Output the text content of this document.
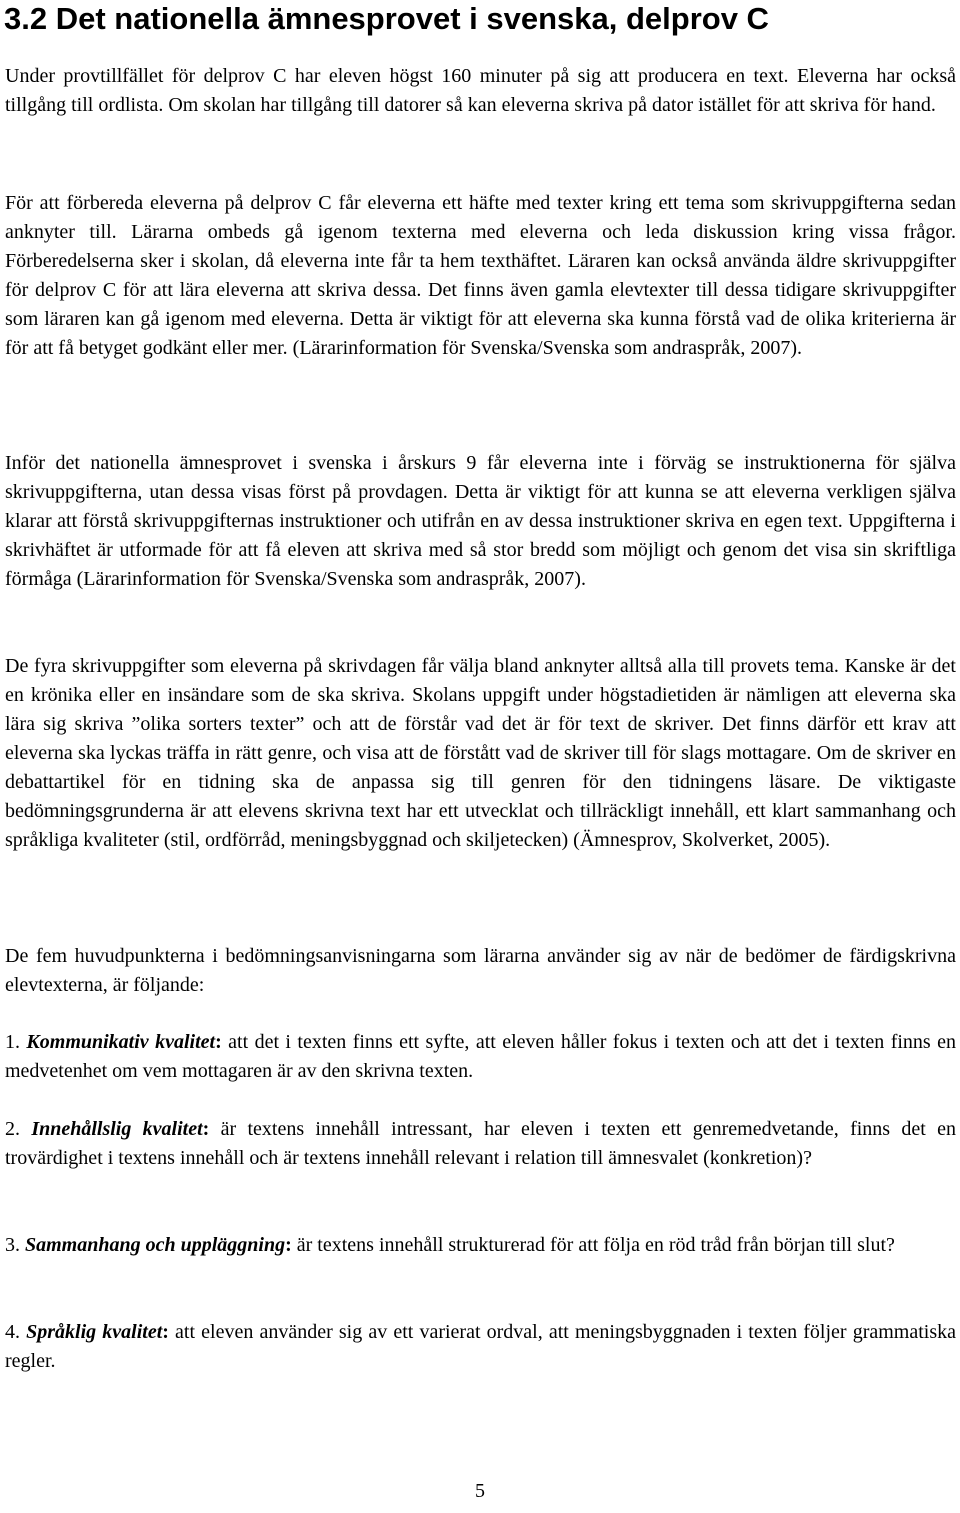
3.2 Det nationella ämnesprovet i svenska, delprov C

Under provtillfället för delprov C har eleven högst 160 minuter på sig att producera en text. Eleverna har också tillgång till ordlista. Om skolan har tillgång till datorer så kan eleverna skriva på dator istället för att skriva för hand.

För att förbereda eleverna på delprov C får eleverna ett häfte med texter kring ett tema som skrivuppgifterna sedan anknyter till. Lärarna ombeds gå igenom texterna med eleverna och leda diskussion kring vissa frågor. Förberedelserna sker i skolan, då eleverna inte får ta hem texthäftet. Läraren kan också använda äldre skrivuppgifter för delprov C för att lära eleverna att skriva dessa. Det finns även gamla elevtexter till dessa tidigare skrivuppgifter som läraren kan gå igenom med eleverna. Detta är viktigt för att eleverna ska kunna förstå vad de olika kriterierna är för att få betyget godkänt eller mer. (Lärarinformation för Svenska/Svenska som andraspråk, 2007).

Inför det nationella ämnesprovet i svenska i årskurs 9 får eleverna inte i förväg se instruktionerna för själva skrivuppgifterna, utan dessa visas först på provdagen. Detta är viktigt för att kunna se att eleverna verkligen själva klarar att förstå skrivuppgifternas instruktioner och utifrån en av dessa instruktioner skriva en egen text. Uppgifterna i skrivhäftet är utformade för att få eleven att skriva med så stor bredd som möjligt och genom det visa sin skriftliga förmåga (Lärarinformation för Svenska/Svenska som andraspråk, 2007).

De fyra skrivuppgifter som eleverna på skrivdagen får välja bland anknyter alltså alla till provets tema. Kanske är det en krönika eller en insändare som de ska skriva. Skolans uppgift under högstadietiden är nämligen att eleverna ska lära sig skriva ”olika sorters texter” och att de förstår vad det är för text de skriver. Det finns därför ett krav att eleverna ska lyckas träffa in rätt genre, och visa att de förstått vad de skriver till för slags mottagare. Om de skriver en debattartikel för en tidning ska de anpassa sig till genren för den tidningens läsare. De viktigaste bedömningsgrunderna är att elevens skrivna text har ett utvecklat och tillräckligt innehåll, ett klart sammanhang och språkliga kvaliteter (stil, ordförråd, meningsbyggnad och skiljetecken) (Ämnesprov, Skolverket, 2005).

De fem huvudpunkterna i bedömningsanvisningarna som lärarna använder sig av när de bedömer de färdigskrivna elevtexterna, är följande:

1. Kommunikativ kvalitet: att det i texten finns ett syfte, att eleven håller fokus i texten och att det i texten finns en medvetenhet om vem mottagaren är av den skrivna texten.

2. Innehållslig kvalitet: är textens innehåll intressant, har eleven i texten ett genremedvetande, finns det en trovärdighet i textens innehåll och är textens innehåll relevant i relation till ämnesvalet (konkretion)?

3. Sammanhang och uppläggning: är textens innehåll strukturerad för att följa en röd tråd från början till slut?

4. Språklig kvalitet: att eleven använder sig av ett varierat ordval, att meningsbyggnaden i texten följer grammatiska regler.

5
